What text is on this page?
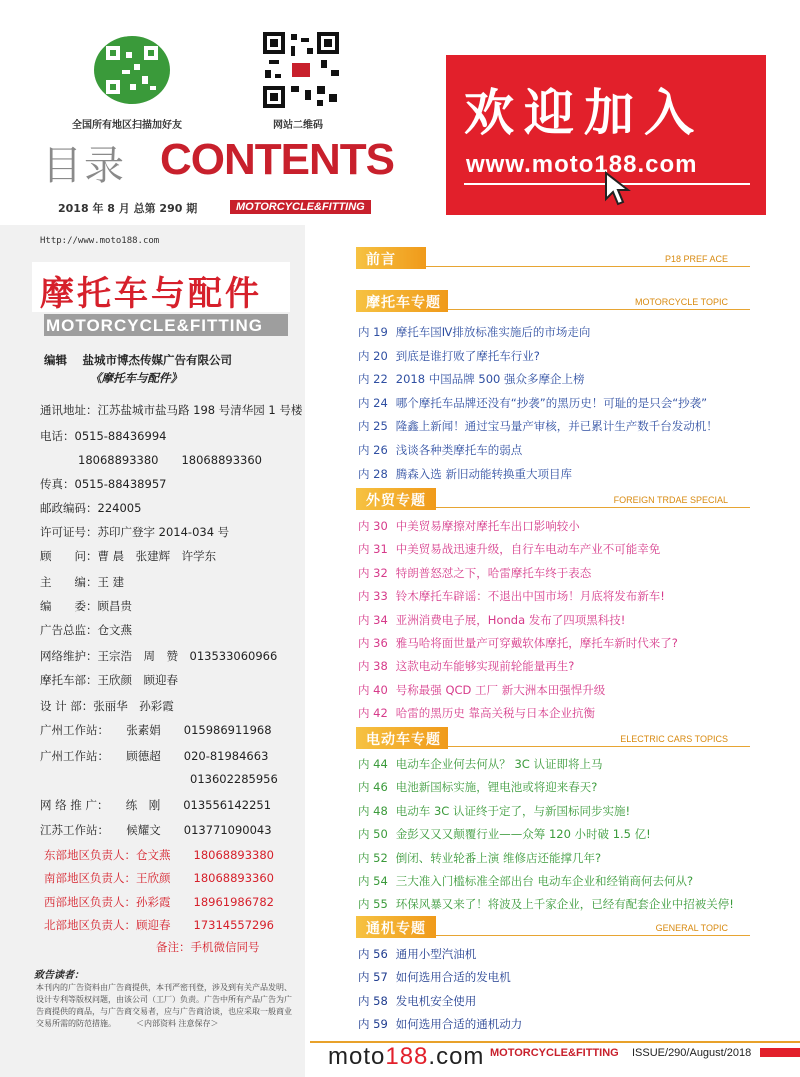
全国所有地区扫描加好友	网站二维码
目录 CONTENTS
2018 年 8 月 总第 290 期	MOTORCYCLE&FITTING
欢迎加入
www.moto188.com
Http://www.moto188.com
摩托车与配件
MOTORCYCLE&FITTING
编辑　 盐城市博杰传媒广告有限公司
《摩托车与配件》
通讯地址：江苏盐城市盐马路 198 号清华园 1 号楼
电话：0515-88436994
18068893380　　18068893360
传真：0515-88438957
邮政编码：224005
许可证号：苏印广登字 2014-034 号
顾　　问：曹 晨　张建辉　许学东
主　　编：王 建
编　　委：顾昌贵
广告总监：仓文燕
网络维护：王宗浩　周　赞　013533060966
摩托车部：王欣颜　顾迎春
设 计 部：张丽华　孙彩霞
广州工作站：　　张素娟　　015986911968
广州工作站：　　顾德超　　020-81984663
013602285956
网 络 推 广：　　练　刚　　013556142251
江苏工作站：　　候耀文　　013771090043
东部地区负责人：仓文燕　　18068893380
南部地区负责人：王欣颜　　18068893360
西部地区负责人：孙彩霞　　18961986782
北部地区负责人：顾迎春　　17314557296
备注：手机微信同号
致告读者：
本刊内的广告资料由广告商提供，本刊严密刊登，涉及到有关产品发明、设计专利等版权问题，由该公司（工厂）负责。广告中所有产品广告为广告商提供的商品，与广告商交易者，应与广告商洽谈，也应采取一般商业交易所需的防范措施。　　　＜内部资料 注意保存＞
前言	P18 PREF ACE
摩托车专题	MOTORCYCLE TOPIC
内 19 摩托车国Ⅳ排放标准实施后的市场走向
内 20 到底是谁打败了摩托车行业?
内 22 2018 中国品牌 500 强众多摩企上榜
内 24 哪个摩托车品牌还没有“抄袭”的黑历史！可耻的是只会“抄袭”
内 25 隆鑫上新闻！通过宝马量产审核，并已累计生产数千台发动机！
内 26 浅谈各种类摩托车的弱点
内 28 腾森入选 新旧动能转换重大项目库
外贸专题	FOREIGN TRDAE SPECIAL
内 30 中美贸易摩擦对摩托车出口影响较小
内 31 中美贸易战迅速升级，自行车电动车产业不可能幸免
内 32 特朗普怒怼之下，哈雷摩托车终于表态
内 33 铃木摩托车辟谣：不退出中国市场！月底将发布新车!
内 34 亚洲消费电子展，Honda 发布了四项黑科技!
内 36 雅马哈将面世量产可穿戴软体摩托，摩托车新时代来了?
内 38 这款电动车能够实现前轮能量再生?
内 40 号称最强 QCD 工厂 新大洲本田强悍升级
内 42 哈雷的黑历史 靠高关税与日本企业抗衡
电动车专题	ELECTRIC CARS TOPICS
内 44 电动车企业何去何从？ 3C 认证即将上马
内 46 电池新国标实施，锂电池或将迎来春天?
内 48 电动车 3C 认证终于定了，与新国标同步实施!
内 50 金彭又又又颠覆行业——众筹 120 小时破 1.5 亿!
内 52 倒闭、转业轮番上演 维修店还能撑几年?
内 54 三大准入门槛标准全部出台 电动车企业和经销商何去何从?
内 55 环保风暴又来了！将波及上千家企业，已经有配套企业中招被关停!
通机专题	GENERAL TOPIC
内 56 通用小型汽油机
内 57 如何选用合适的发电机
内 58 发电机安全使用
内 59 如何选用合适的通机动力
moto188.com MOTORCYCLE&FITTING ISSUE/290/August/2018
